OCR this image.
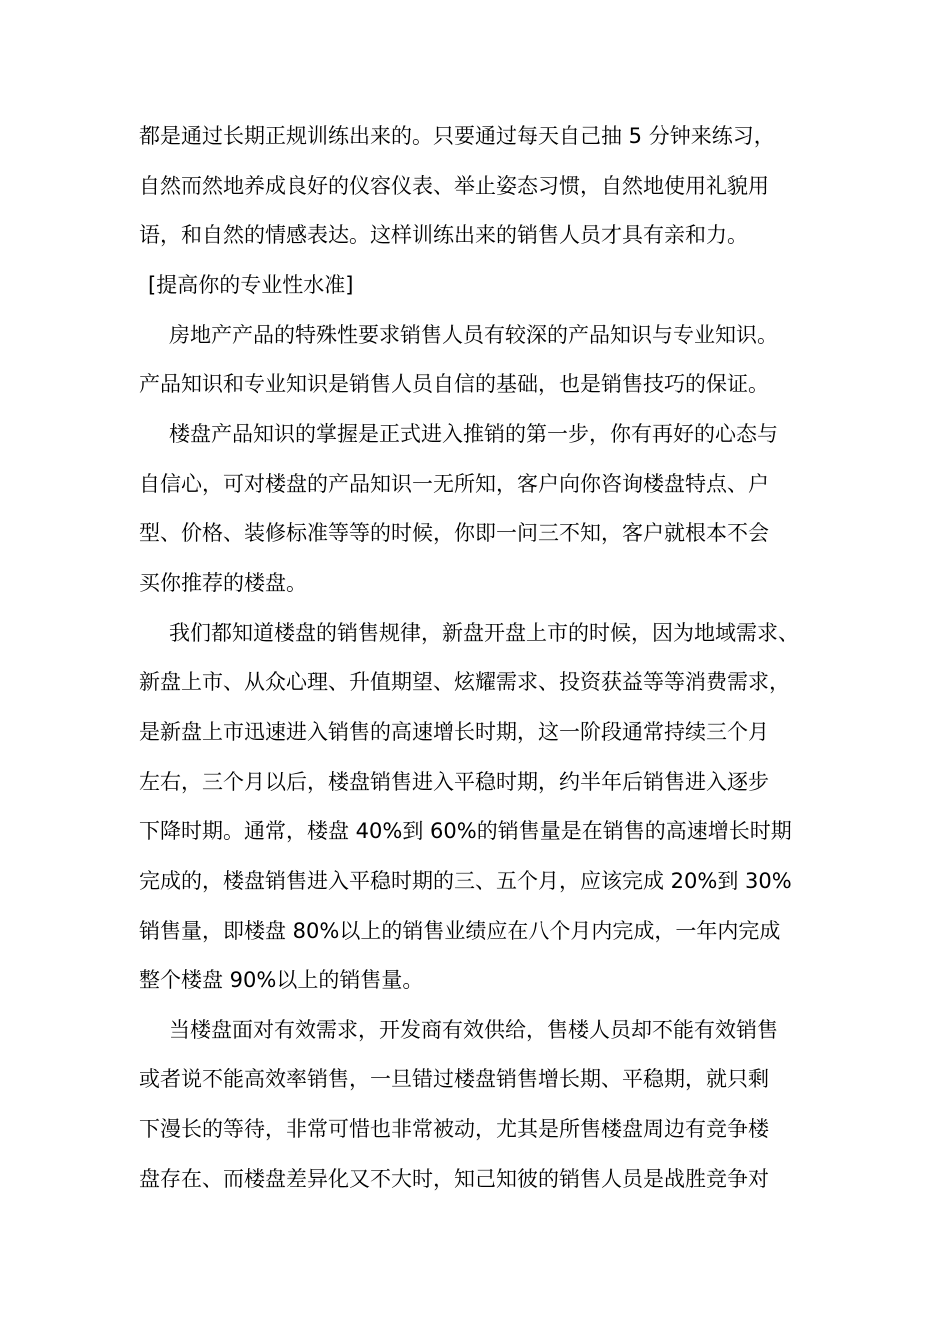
都是通过长期正规训练出来的。只要通过每天自己抽 5 分钟来练习，
自然而然地养成良好的仪容仪表、举止姿态习惯，自然地使用礼貌用
语，和自然的情感表达。这样训练出来的销售人员才具有亲和力。
[提高你的专业性水准]
房地产产品的特殊性要求销售人员有较深的产品知识与专业知识。
产品知识和专业知识是销售人员自信的基础，也是销售技巧的保证。
楼盘产品知识的掌握是正式进入推销的第一步，你有再好的心态与
自信心，可对楼盘的产品知识一无所知，客户向你咨询楼盘特点、户
型、价格、装修标准等等的时候，你即一问三不知，客户就根本不会
买你推荐的楼盘。
我们都知道楼盘的销售规律，新盘开盘上市的时候，因为地域需求、
新盘上市、从众心理、升值期望、炫耀需求、投资获益等等消费需求，
是新盘上市迅速进入销售的高速增长时期，这一阶段通常持续三个月
左右，三个月以后，楼盘销售进入平稳时期，约半年后销售进入逐步
下降时期。通常，楼盘 40%到 60%的销售量是在销售的高速增长时期
完成的，楼盘销售进入平稳时期的三、五个月，应该完成 20%到 30%
销售量，即楼盘 80%以上的销售业绩应在八个月内完成，一年内完成
整个楼盘 90%以上的销售量。
当楼盘面对有效需求，开发商有效供给，售楼人员却不能有效销售
或者说不能高效率销售，一旦错过楼盘销售增长期、平稳期，就只剩
下漫长的等待，非常可惜也非常被动，尤其是所售楼盘周边有竞争楼
盘存在、而楼盘差异化又不大时，知己知彼的销售人员是战胜竞争对
